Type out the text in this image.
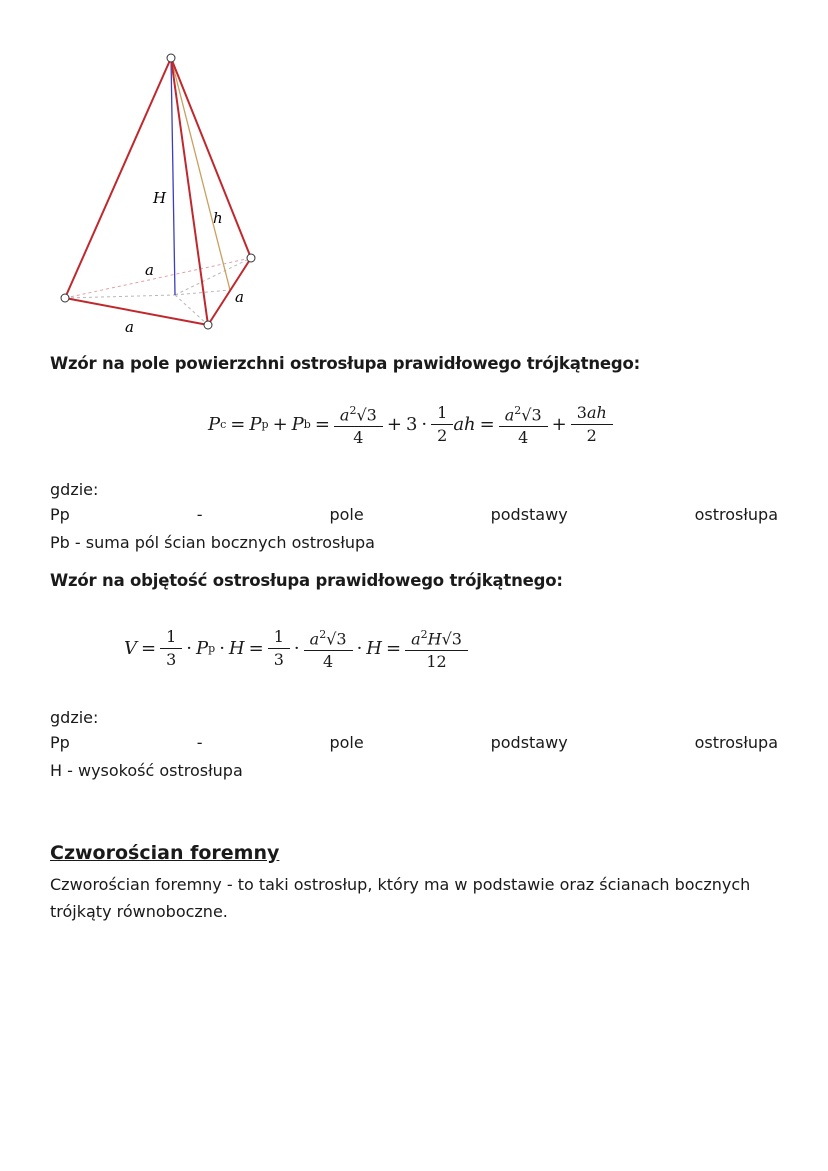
H
h
a
a
a
Wzór na pole powierzchni ostrosłupa prawidłowego trójkątnego:
P c = P p + P $b = \frac{a^2√3}{4} + 3 \cdot \frac{1}{2}$ ah = $\frac{a^2√3}{4} + \frac{3ah}{2}$
gdzie:
Pp	-	pole	podstawy	ostrosłupa
Pb - suma pól ścian bocznych ostrosłupa
Wzór na objętość ostrosłupa prawidłowego trójkątnego:
$V = \frac{1}{3} \cdot P$ $p \cdot H = \frac{1}{3} \cdot \frac{a^2√3}{4} \cdot H = \frac{a^2H√3}{12}$
gdzie:
Pp	-	pole	podstawy	ostrosłupa
H - wysokość ostrosłupa
Czworościan foremny
Czworościan foremny - to taki ostrosłup, który ma w podstawie oraz ścianach bocznych
trójkąty równoboczne.
